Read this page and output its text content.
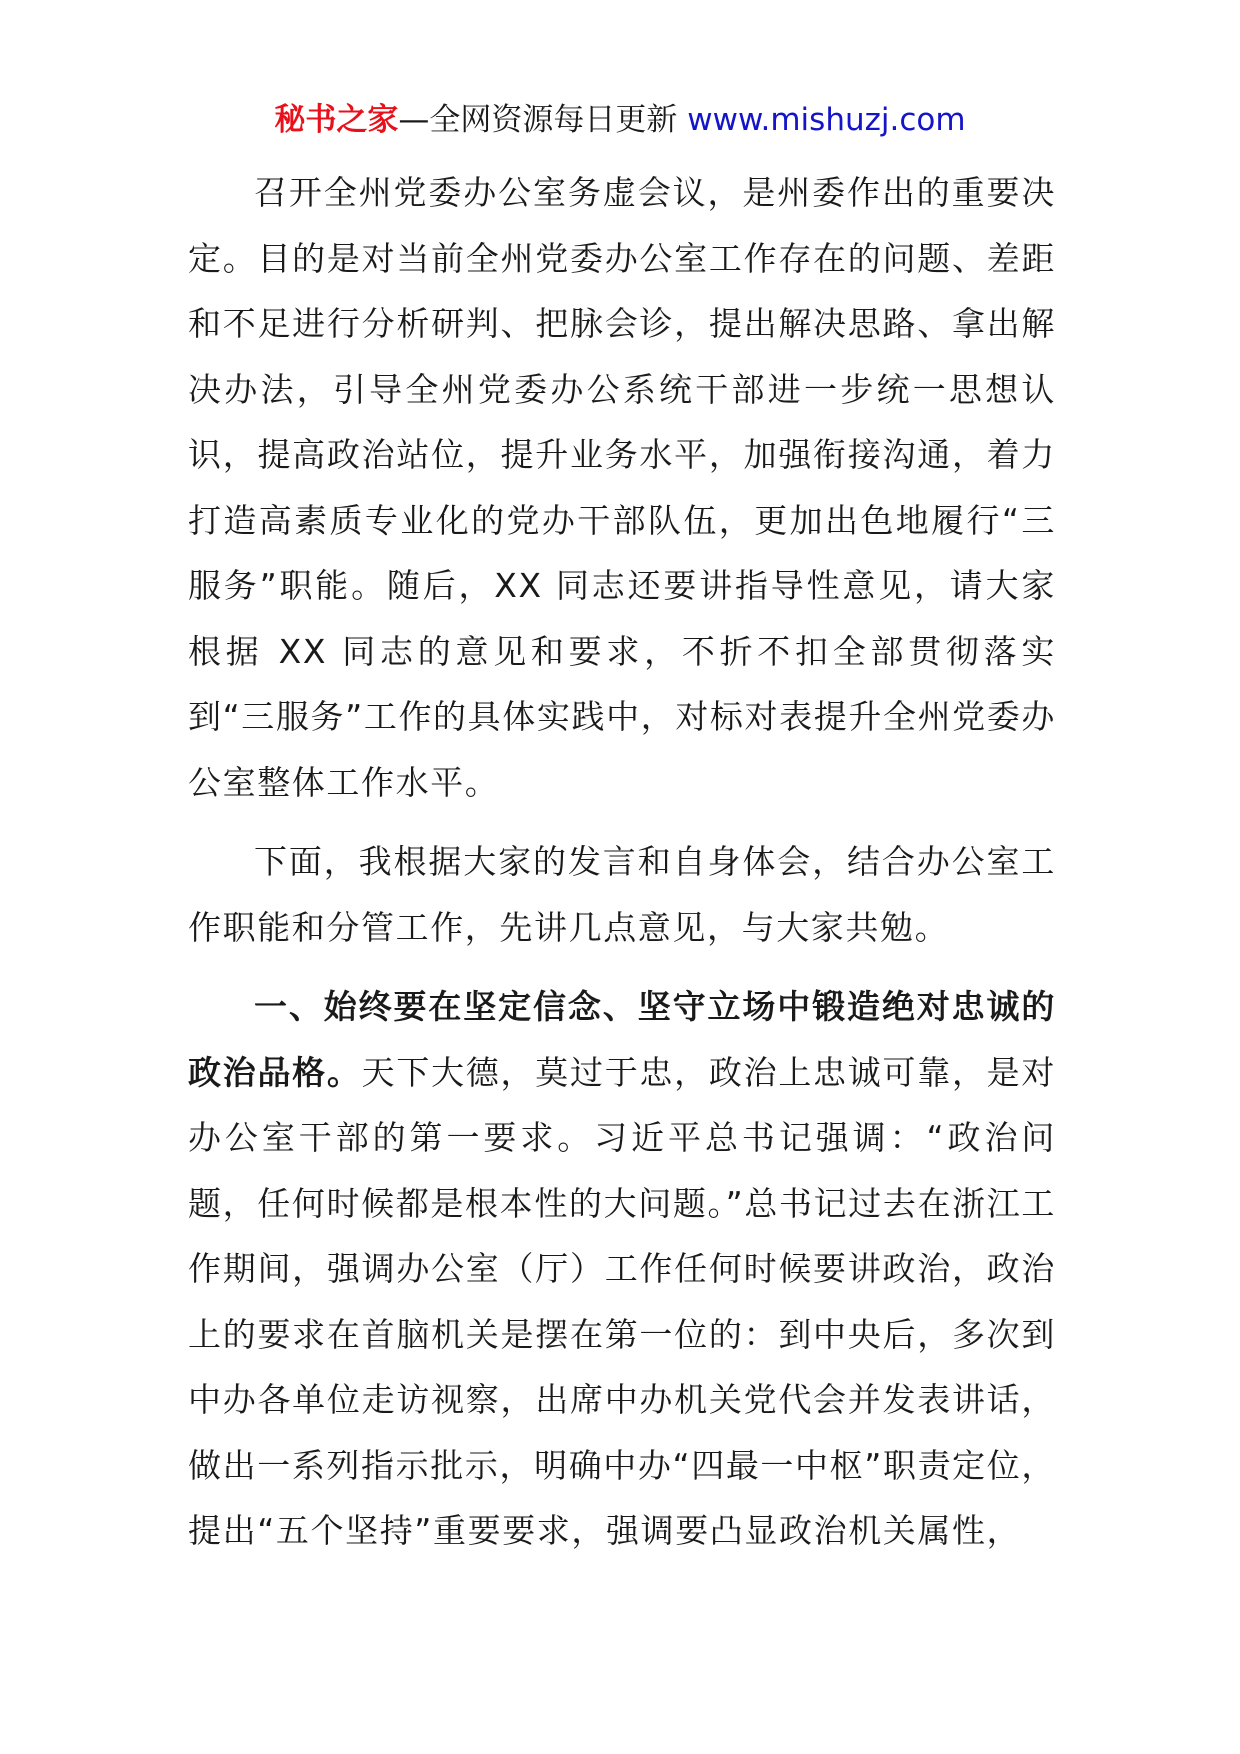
秘书之家—全网资源每日更新 www.mishuzj.com

召开全州党委办公室务虚会议，是州委作出的重要决定。目的是对当前全州党委办公室工作存在的问题、差距和不足进行分析研判、把脉会诊，提出解决思路、拿出解决办法，引导全州党委办公系统干部进一步统一思想认识，提高政治站位，提升业务水平，加强衔接沟通，着力打造高素质专业化的党办干部队伍，更加出色地履行“三服务”职能。随后，XX 同志还要讲指导性意见，请大家根据 XX 同志的意见和要求，不折不扣全部贯彻落实到“三服务”工作的具体实践中，对标对表提升全州党委办公室整体工作水平。

下面，我根据大家的发言和自身体会，结合办公室工作职能和分管工作，先讲几点意见，与大家共勉。

一、始终要在坚定信念、坚守立场中锻造绝对忠诚的政治品格。天下大德，莫过于忠，政治上忠诚可靠，是对办公室干部的第一要求。习近平总书记强调：“政治问题，任何时候都是根本性的大问题。”总书记过去在浙江工作期间，强调办公室（厅）工作任何时候要讲政治，政治上的要求在首脑机关是摆在第一位的：到中央后，多次到中办各单位走访视察，出席中办机关党代会并发表讲话，做出一系列指示批示，明确中办“四最一中枢”职责定位，提出“五个坚持”重要要求，强调要凸显政治机关属性，
